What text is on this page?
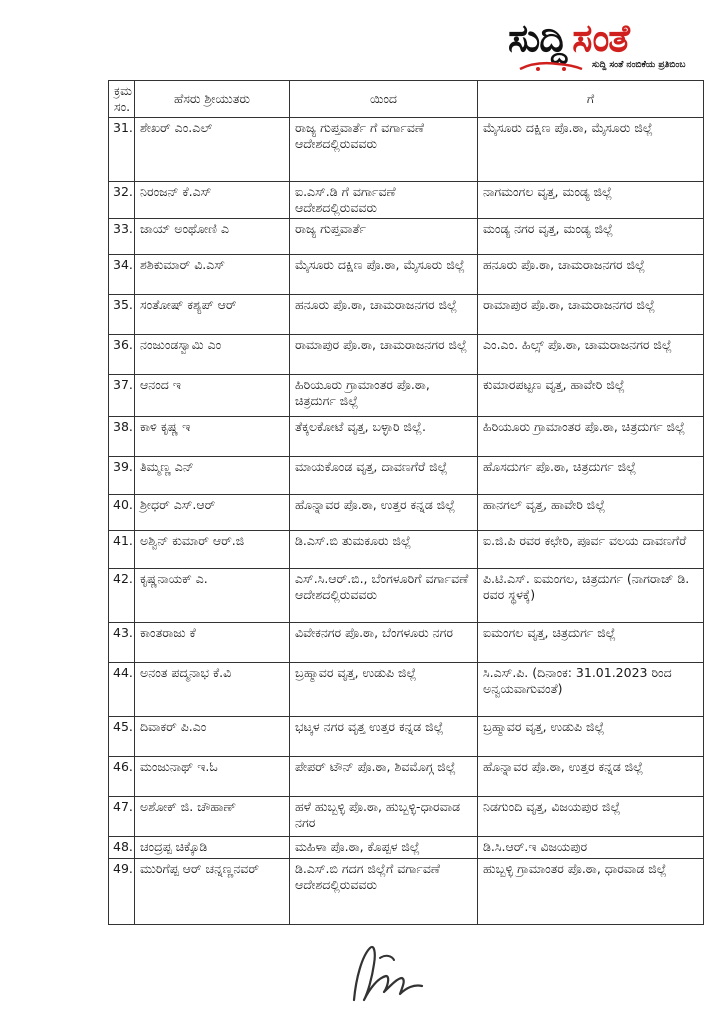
ಸುದ್ದಿ ಸಂತೆ
ಸುದ್ದಿ ಸಂತೆ ನಂಬಿಕೆಯ ಪ್ರತಿಬಿಂಬ
ಕ್ರಮ ಸಂ.	ಹೆಸರು ಶ್ರೀಯುತರು	ಯಿಂದ	ಗೆ
31.	ಶೇಖರ್ ಎಂ.ಎಲ್	ರಾಜ್ಯ ಗುಪ್ತವಾರ್ತೆ ಗೆ ವರ್ಗಾವಣೆ ಆದೇಶದಲ್ಲಿರುವವರು	ಮೈಸೂರು ದಕ್ಷಿಣ ಪೊ.ಠಾ, ಮೈಸೂರು ಜಿಲ್ಲೆ
32.	ನಿರಂಜನ್ ಕೆ.ಎಸ್	ಐ.ಎಸ್.ಡಿ ಗೆ ವರ್ಗಾವಣೆ ಆದೇಶದಲ್ಲಿರುವವರು	ನಾಗಮಂಗಲ ವೃತ್ತ, ಮಂಡ್ಯ ಜಿಲ್ಲೆ
33.	ಜಾಯ್ ಅಂಥೋಣಿ ಎ	ರಾಜ್ಯ ಗುಪ್ತವಾರ್ತೆ	ಮಂಡ್ಯ ನಗರ ವೃತ್ತ, ಮಂಡ್ಯ ಜಿಲ್ಲೆ
34.	ಶಶಿಕುಮಾರ್ ವಿ.ಎಸ್	ಮೈಸೂರು ದಕ್ಷಿಣ ಪೊ.ಠಾ, ಮೈಸೂರು ಜಿಲ್ಲೆ	ಹನೂರು ಪೊ.ಠಾ, ಚಾಮರಾಜನಗರ ಜಿಲ್ಲೆ
35.	ಸಂತೋಷ್ ಕಶ್ಯಪ್ ಆರ್	ಹನೂರು ಪೊ.ಠಾ, ಚಾಮರಾಜನಗರ ಜಿಲ್ಲೆ	ರಾಮಾಪುರ ಪೊ.ಠಾ, ಚಾಮರಾಜನಗರ ಜಿಲ್ಲೆ
36.	ನಂಜುಂಡಸ್ವಾಮಿ ಎಂ	ರಾಮಾಪುರ ಪೊ.ಠಾ, ಚಾಮರಾಜನಗರ ಜಿಲ್ಲೆ	ಎಂ.ಎಂ. ಹಿಲ್ಸ್ ಪೊ.ಠಾ, ಚಾಮರಾಜನಗರ ಜಿಲ್ಲೆ
37.	ಆನಂದ ಇ	ಹಿರಿಯೂರು ಗ್ರಾಮಾಂತರ ಪೊ.ಠಾ, ಚಿತ್ರದುರ್ಗ ಜಿಲ್ಲೆ	ಕುಮಾರಪಟ್ಟಣ ವೃತ್ತ, ಹಾವೇರಿ ಜಿಲ್ಲೆ
38.	ಕಾಳಿ ಕೃಷ್ಣ ಇ	ತೆಕ್ಕಲಕೋಟೆ ವೃತ್ತ, ಬಳ್ಳಾರಿ ಜಿಲ್ಲೆ.	ಹಿರಿಯೂರು ಗ್ರಾಮಾಂತರ ಪೊ.ಠಾ, ಚಿತ್ರದುರ್ಗ ಜಿಲ್ಲೆ
39.	ತಿಮ್ಮಣ್ಣ ಎನ್	ಮಾಯಕೊಂಡ ವೃತ್ತ, ದಾವಣಗೆರೆ ಜಿಲ್ಲೆ	ಹೊಸದುರ್ಗ ಪೊ.ಠಾ, ಚಿತ್ರದುರ್ಗ ಜಿಲ್ಲೆ
40.	ಶ್ರೀಧರ್ ಎಸ್.ಆರ್	ಹೊನ್ನಾವರ ಪೊ.ಠಾ, ಉತ್ತರ ಕನ್ನಡ ಜಿಲ್ಲೆ	ಹಾನಗಲ್ ವೃತ್ತ, ಹಾವೇರಿ ಜಿಲ್ಲೆ
41.	ಅಶ್ವಿನ್ ಕುಮಾರ್ ಆರ್.ಜಿ	ಡಿ.ಎಸ್.ಬಿ ತುಮಕೂರು ಜಿಲ್ಲೆ	ಐ.ಜಿ.ಪಿ ರವರ ಕಛೇರಿ, ಪೂರ್ವ ವಲಯ ದಾವಣಗೆರೆ
42.	ಕೃಷ್ಣನಾಯಕ್ ಎ.	ಎಸ್.ಸಿ.ಆರ್.ಬಿ., ಬೆಂಗಳೂರಿಗೆ ವರ್ಗಾವಣೆ ಆದೇಶದಲ್ಲಿರುವವರು	ಪಿ.ಟಿ.ಎಸ್. ಐಮಂಗಲ, ಚಿತ್ರದುರ್ಗ (ನಾಗರಾಜ್ ಡಿ. ರವರ ಸ್ಥಳಕ್ಕೆ)
43.	ಕಾಂತರಾಜು ಕೆ	ವಿವೇಕನಗರ ಪೊ.ಠಾ, ಬೆಂಗಳೂರು ನಗರ	ಐಮಂಗಲ ವೃತ್ತ, ಚಿತ್ರದುರ್ಗ ಜಿಲ್ಲೆ
44.	ಅನಂತ ಪದ್ಮನಾಭ ಕೆ.ವಿ	ಬ್ರಹ್ಮಾವರ ವೃತ್ತ, ಉಡುಪಿ ಜಿಲ್ಲೆ	ಸಿ.ಎಸ್.ಪಿ. (ದಿನಾಂಕ: 31.01.2023 ರಿಂದ ಅನ್ವಯವಾಗುವಂತೆ)
45.	ದಿವಾಕರ್ ಪಿ.ಎಂ	ಭಟ್ಕಳ ನಗರ ವೃತ್ತ ಉತ್ತರ ಕನ್ನಡ ಜಿಲ್ಲೆ	ಬ್ರಹ್ಮಾವರ ವೃತ್ತ, ಉಡುಪಿ ಜಿಲ್ಲೆ
46.	ಮಂಜುನಾಥ್ ಇ.ಓ	ಪೇಪರ್ ಟೌನ್ ಪೊ.ಠಾ, ಶಿವಮೊಗ್ಗ ಜಿಲ್ಲೆ	ಹೊನ್ನಾವರ ಪೊ.ಠಾ, ಉತ್ತರ ಕನ್ನಡ ಜಿಲ್ಲೆ
47.	ಅಶೋಕ್ ಜಿ. ಚೌಹಾಣ್	ಹಳೆ ಹುಬ್ಬಳ್ಳಿ ಪೊ.ಠಾ, ಹುಬ್ಬಳ್ಳಿ-ಧಾರವಾಡ ನಗರ	ನಿಡಗುಂದಿ ವೃತ್ತ, ವಿಜಯಪುರ ಜಿಲ್ಲೆ
48.	ಚಂದ್ರಪ್ಪ ಚಿಕ್ಕೊಡಿ	ಮಹಿಳಾ ಪೊ.ಠಾ, ಕೊಪ್ಪಳ ಜಿಲ್ಲೆ	ಡಿ.ಸಿ.ಆರ್.ಇ ವಿಜಯಪುರ
49.	ಮುರಿಗೆಪ್ಪ ಆರ್ ಚನ್ನಣ್ಣನವರ್	ಡಿ.ಎಸ್.ಬಿ ಗದಗ ಜಿಲ್ಲೆಗೆ ವರ್ಗಾವಣೆ ಆದೇಶದಲ್ಲಿರುವವರು	ಹುಬ್ಬಳ್ಳಿ ಗ್ರಾಮಾಂತರ ಪೊ.ಠಾ, ಧಾರವಾಡ ಜಿಲ್ಲೆ
